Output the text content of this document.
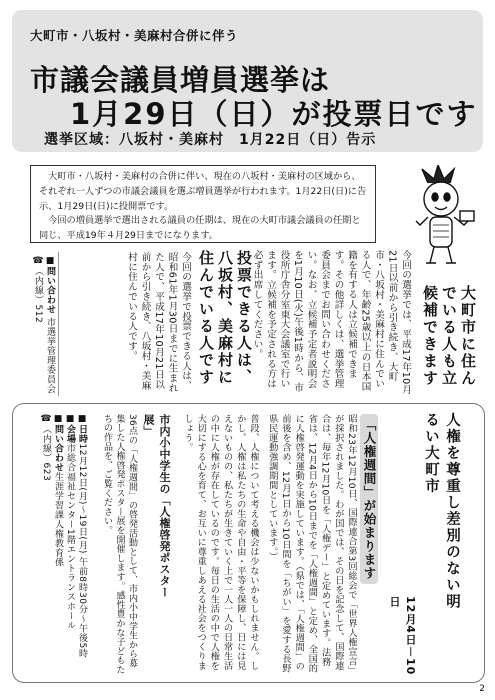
大町市・八坂村・美麻村合併に伴う
市議会議員増員選挙は
1月29日（日）が投票日です
選挙区域：八坂村・美麻村　1月22日（日）告示

　大町市・八坂村・美麻村の合併に伴い、現在の八坂村・美麻村の区域から、それぞれ一人ずつの市議会議員を選ぶ増員選挙が行われます。1月22日(日)に告示、1月29日(日)に投開票です。

　今回の増員選挙で選出される議員の任期は、現在の大町市議会議員の任期と同じ、平成19年４月29日までになります。

大町市に住んでいる人も立候補できます
今回の選挙では、平成17年10月21日以前から引き続き、大町市・八坂村・美麻村に住んでいる人で、年齢25歳以上の日本国籍を有する人は立候補できます。その他詳しくは、選挙管理委員会までお問い合わせください。なお、立候補予定者説明会を1月10日(火)午後1時から、市役所庁舎分室東大会議室で行います。立候補を予定される方は必ず出席してください。
投票できる人は、八坂村、美麻村に住んでいる人です
今回の選挙で投票できる人は、昭和61年1月30日までに生まれた人で、平成17年10月21日以前から引き続き、八坂村・美麻村に住んでいる人です。
■問い合わせ 市選挙管理委員会 ☎（内線）512
人権を尊重し差別のない明るい大町市
「人権週間」が始まります
12月4日－10日
昭和23年12月10日、国際連合第3回総会で「世界人権宣言」が採択されました。わが国では、その日を記念して、国際連合は、毎年12月10日を「人権デー」と定めています。法務省は、12月4日から10日までを「人権週間」と定め、全国的に人権啓発運動を実施しています。（県では、「人権週間」の前後を含め、12月1日から10日間を「ちがい」を愛する長野県民運動強調期間としています。）
普段、人権について考える機会は少ないかもしれません。しかし、人権は私たちの生命や自由・平等を保障し、日には見えないものの、私たちが生きていく上で一人一人の日常生活の中に人権が存在しているのです。毎日の生活の中で人権を大切にする心を育て、お互いに尊重しあえる社会をつくりましょう。
市内小中学生の「人権啓発ポスター展」
36点の「人権週間」の啓発活動として、市内小中学生から募集した人権啓発ポスター展を開催します。感性豊かな子どもたちの作品を、ご覧ください。
■日時12月12日(月)～19日(月) 午前8時30分～午後5時
■会場市総合福祉センター1階エントランスホール
■問い合わせ生涯学習課人権教育係
☎（内線）623
2
